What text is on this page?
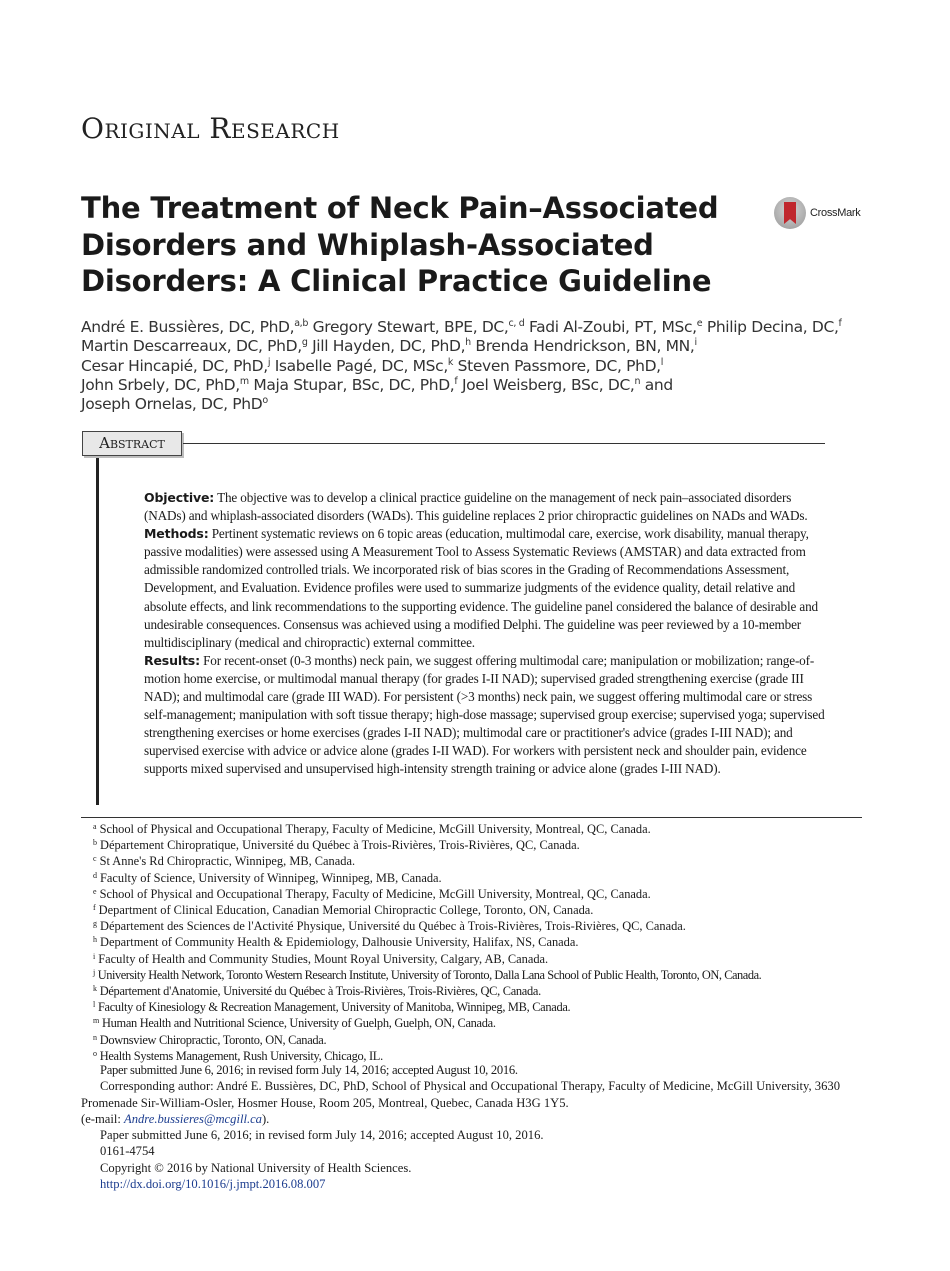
Original Research
The Treatment of Neck Pain–Associated Disorders and Whiplash-Associated Disorders: A Clinical Practice Guideline
CrossMark
André E. Bussières, DC, PhD,$^{a,b}$ Gregory Stewart, BPE, DC,$^{c, d}$ Fadi Al-Zoubi, PT, MSc,$^e$ Philip Decina, DC,$^f$
Martin Descarreaux, DC, PhD,$^g$ Jill Hayden, DC, PhD,$^h$ Brenda Hendrickson, BN, MN,$^i$
Cesar Hincapié, DC, PhD,$^j$ Isabelle Pagé, DC, MSc,$^k$ Steven Passmore, DC, PhD,$^l$
John Srbely, DC, PhD,$^m$ Maja Stupar, BSc, DC, PhD,$^f$ Joel Weisberg, BSc, DC,$^n$ and
Joseph Ornelas, DC, PhD$^o$
Abstract

Objective: The objective was to develop a clinical practice guideline on the management of neck pain–associated disorders (NADs) and whiplash-associated disorders (WADs). This guideline replaces 2 prior chiropractic guidelines on NADs and WADs.

Methods: Pertinent systematic reviews on 6 topic areas (education, multimodal care, exercise, work disability, manual therapy, passive modalities) were assessed using A Measurement Tool to Assess Systematic Reviews (AMSTAR) and data extracted from admissible randomized controlled trials. We incorporated risk of bias scores in the Grading of Recommendations Assessment, Development, and Evaluation. Evidence profiles were used to summarize judgments of the evidence quality, detail relative and absolute effects, and link recommendations to the supporting evidence. The guideline panel considered the balance of desirable and undesirable consequences. Consensus was achieved using a modified Delphi. The guideline was peer reviewed by a 10-member multidisciplinary (medical and chiropractic) external committee.

Results: For recent-onset (0-3 months) neck pain, we suggest offering multimodal care; manipulation or mobilization; range-of-motion home exercise, or multimodal manual therapy (for grades I-II NAD); supervised graded strengthening exercise (grade III NAD); and multimodal care (grade III WAD). For persistent (>3 months) neck pain, we suggest offering multimodal care or stress self-management; manipulation with soft tissue therapy; high-dose massage; supervised group exercise; supervised yoga; supervised strengthening exercises or home exercises (grades I-II NAD); multimodal care or practitioner's advice (grades I-III NAD); and supervised exercise with advice or advice alone (grades I-II WAD). For workers with persistent neck and shoulder pain, evidence supports mixed supervised and unsupervised high-intensity strength training or advice alone (grades I-III NAD).

$^a$ School of Physical and Occupational Therapy, Faculty of Medicine, McGill University, Montreal, QC, Canada.
$^b$ Département Chiropratique, Université du Québec à Trois-Rivières, Trois-Rivières, QC, Canada.
$^c$ St Anne's Rd Chiropractic, Winnipeg, MB, Canada.
$^d$ Faculty of Science, University of Winnipeg, Winnipeg, MB, Canada.
$^e$ School of Physical and Occupational Therapy, Faculty of Medicine, McGill University, Montreal, QC, Canada.
$^f$ Department of Clinical Education, Canadian Memorial Chiropractic College, Toronto, ON, Canada.
$^g$ Département des Sciences de l'Activité Physique, Université du Québec à Trois-Rivières, Trois-Rivières, QC, Canada.
$^h$ Department of Community Health & Epidemiology, Dalhousie University, Halifax, NS, Canada.
$^i$ Faculty of Health and Community Studies, Mount Royal University, Calgary, AB, Canada.
$^j$ University Health Network, Toronto Western Research Institute, University of Toronto, Dalla Lana School of Public Health, Toronto, ON, Canada.
$^k$ Département d'Anatomie, Université du Québec à Trois-Rivières, Trois-Rivières, QC, Canada.
$^l$ Faculty of Kinesiology & Recreation Management, University of Manitoba, Winnipeg, MB, Canada.
$^m$ Human Health and Nutritional Science, University of Guelph, Guelph, ON, Canada.
$^n$ Downsview Chiropractic, Toronto, ON, Canada.
$^o$ Health Systems Management, Rush University, Chicago, IL.
Paper submitted June 6, 2016; in revised form July 14, 2016; accepted August 10, 2016.
Corresponding author: André E. Bussières, DC, PhD, School of Physical and Occupational Therapy, Faculty of Medicine, McGill University, 3630 Promenade Sir-William-Osler, Hosmer House, Room 205, Montreal, Quebec, Canada H3G 1Y5.
(e-mail: Andre.bussieres@mcgill.ca).
Paper submitted June 6, 2016; in revised form July 14, 2016; accepted August 10, 2016.
0161-4754
Copyright © 2016 by National University of Health Sciences.
http://dx.doi.org/10.1016/j.jmpt.2016.08.007
